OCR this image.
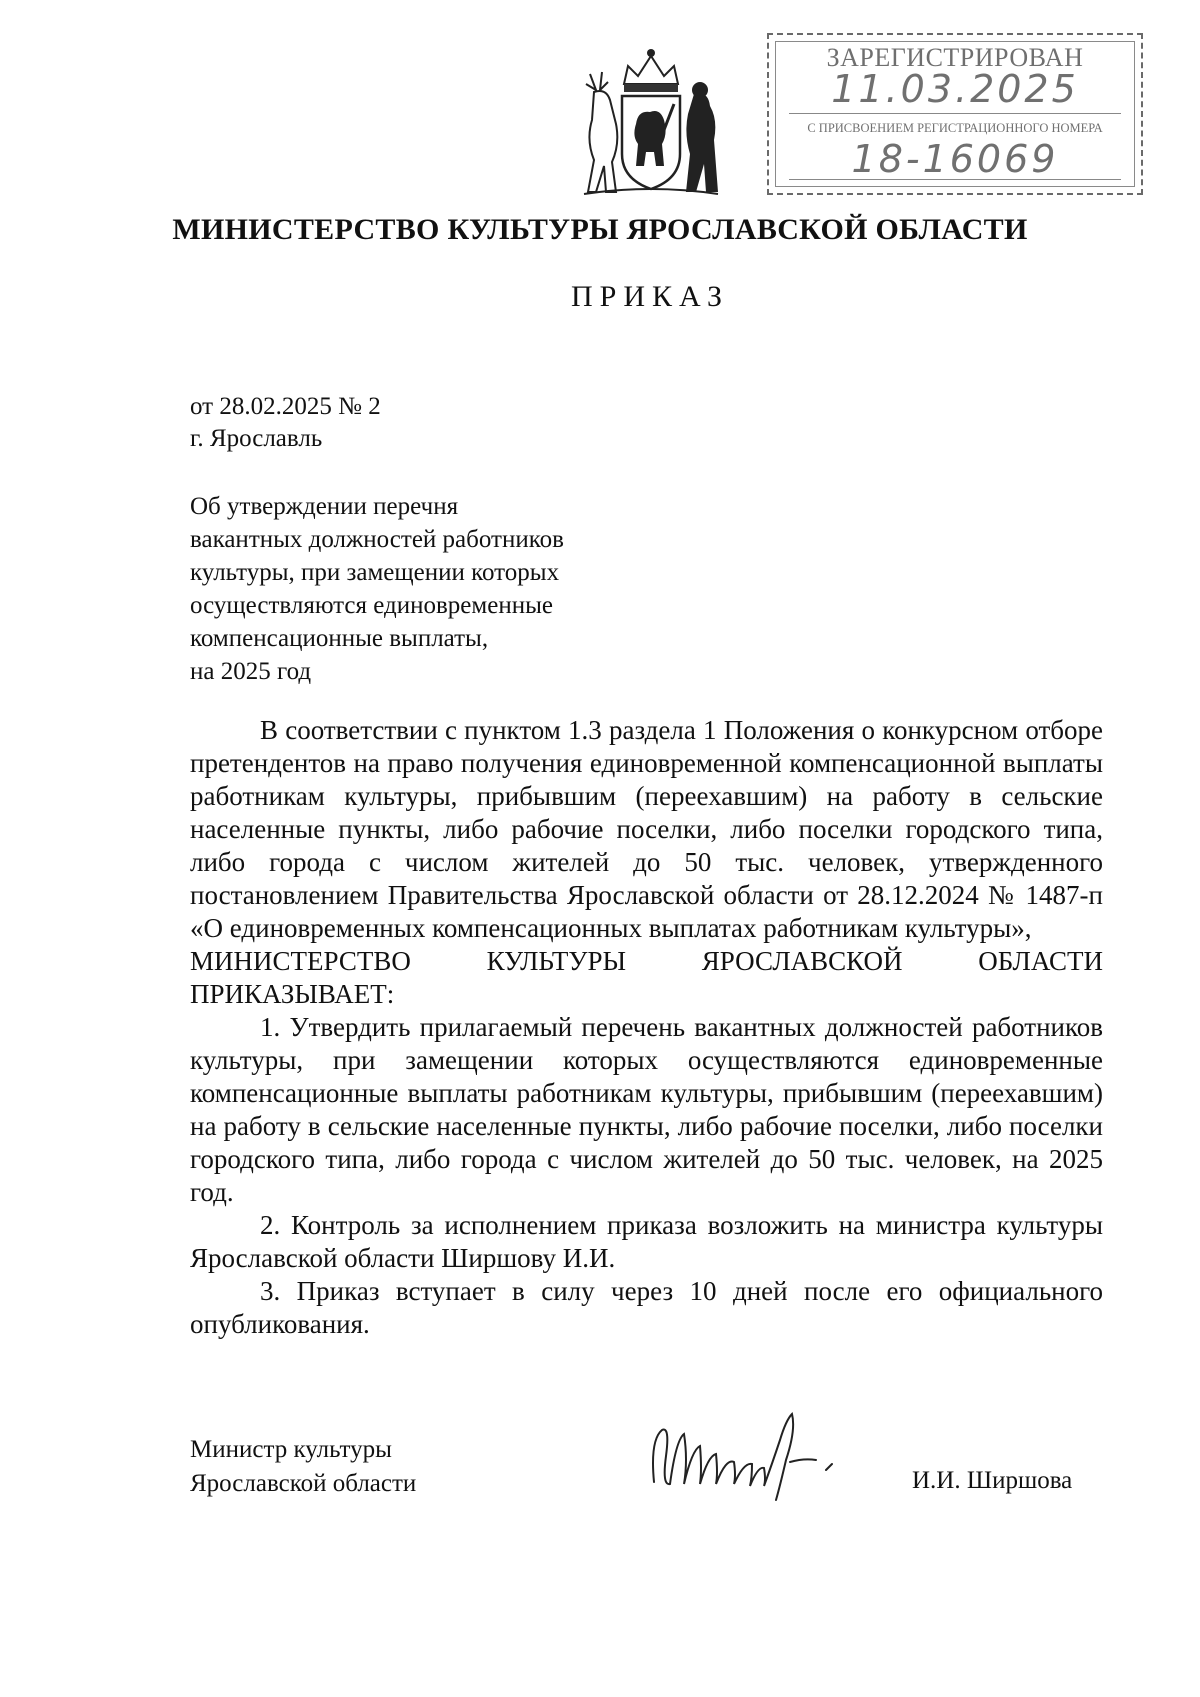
ЗАРЕГИСТРИРОВАН
11.03.2025
С ПРИСВОЕНИЕМ РЕГИСТРАЦИОННОГО НОМЕРА
18-16069
МИНИСТЕРСТВО КУЛЬТУРЫ ЯРОСЛАВСКОЙ ОБЛАСТИ
ПРИКАЗ
от 28.02.2025 № 2
г. Ярославль
Об утверждении перечня
вакантных должностей работников
культуры, при замещении которых
осуществляются единовременные
компенсационные выплаты,
на 2025 год

В соответствии с пунктом 1.3 раздела 1 Положения о конкурсном отборе претендентов на право получения единовременной компенсационной выплаты работникам культуры, прибывшим (переехавшим) на работу в сельские населенные пункты, либо рабочие поселки, либо поселки городского типа, либо города с числом жителей до 50 тыс. человек, утвержденного постановлением Правительства Ярославской области от 28.12.2024 № 1487-п «О единовременных компенсационных выплатах работникам культуры»,

МИНИСТЕРСТВО КУЛЬТУРЫ ЯРОСЛАВСКОЙ ОБЛАСТИ

ПРИКАЗЫВАЕТ:

1. Утвердить прилагаемый перечень вакантных должностей работников культуры, при замещении которых осуществляются единовременные компенсационные выплаты работникам культуры, прибывшим (переехавшим) на работу в сельские населенные пункты, либо рабочие поселки, либо поселки городского типа, либо города с числом жителей до 50 тыс. человек, на 2025 год.

2. Контроль за исполнением приказа возложить на министра культуры Ярославской области Ширшову И.И.

3. Приказ вступает в силу через 10 дней после его официального опубликования.

Министр культуры
Ярославской области	И.И. Ширшова
